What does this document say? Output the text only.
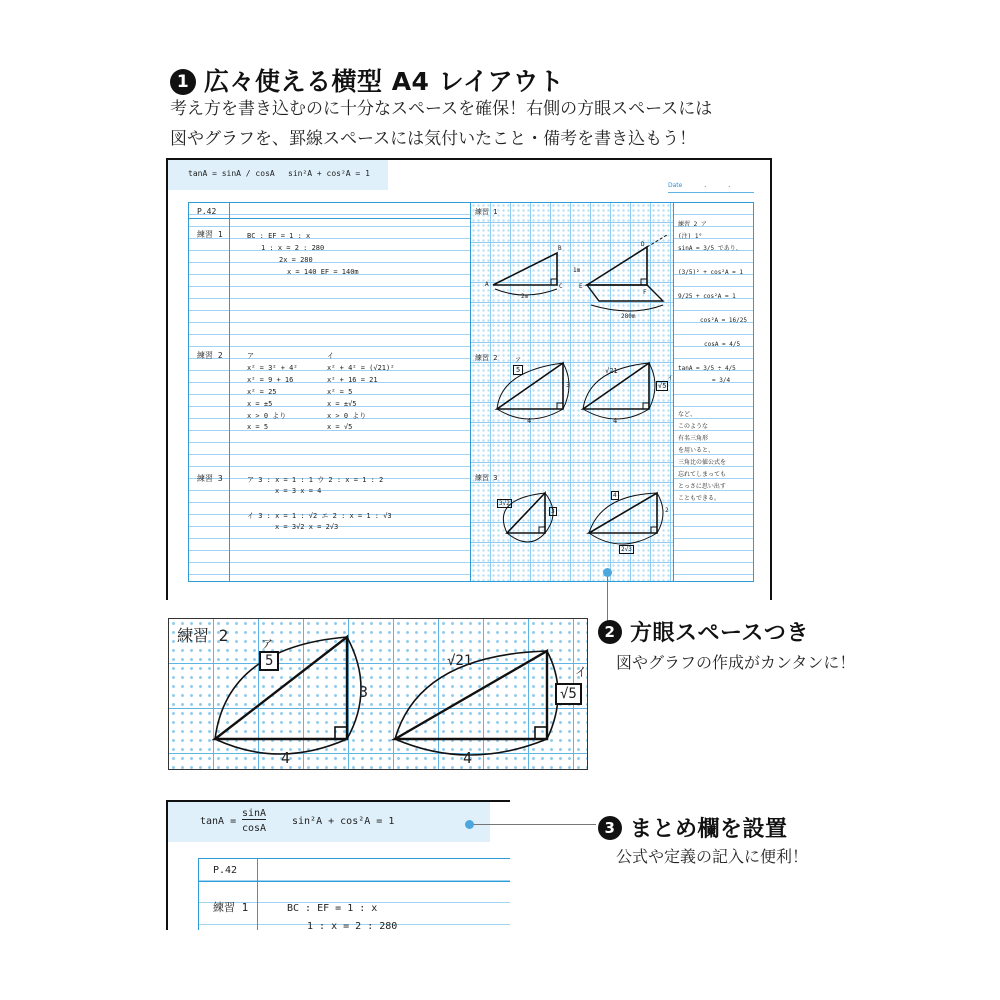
1 広々使える横型 A4 レイアウト
考え方を書き込むのに十分なスペースを確保！右側の方眼スペースには
図やグラフを、罫線スペースには気付いたこと・備考を書き込もう！
tanA = sinA / cosA sin²A + cos²A = 1
Date	.	.
P.42
練習 1	BC : EF = 1 : x
1 : x = 2 : 280
2x = 280
x = 140 EF = 140m
練習 2	ア
x² = 3² + 4²
x² = 9 + 16
x² = 25
x = ±5
x > 0 より
x = 5
イ
x² + 4² = (√21)²
x² + 16 = 21
x² = 5
x = ±√5
x > 0 より
x = √5
練習 3	ア 3 : x = 1 : 1 ウ 2 : x = 1 : 2
x = 3 x = 4
イ 3 : x = 1 : √2 エ 2 : x = 1 : √3
x = 3√2 x = 2√3
練習 1
練習 2
練習 3
A
B
C
D
E
F
2m
1m
280m
ア
5
3
4
√21
イ
√5
4
3√2
3
4
2
2√3
練習 2 ア
(注) 1°
sinA = 3/5 であり、
(3/5)² + cos²A = 1
9/25 + cos²A = 1
cos²A = 16/25
cosA = 4/5
tanA = 3/5 ÷ 4/5
= 3/4
など、
このような
有名三角形
を用いると、
三角比の値公式を
忘れてしまっても
とっさに思い出す
こともできる。
練習 2	ア
5
3
4
√21
イ
√5
4
2 方眼スペースつき
図やグラフの作成がカンタンに！
tanA =
sinA
cosA
sin²A + cos²A = 1
P.42
練習 1	BC : EF = 1 : x
1 : x = 2 : 280
3 まとめ欄を設置
公式や定義の記入に便利！
